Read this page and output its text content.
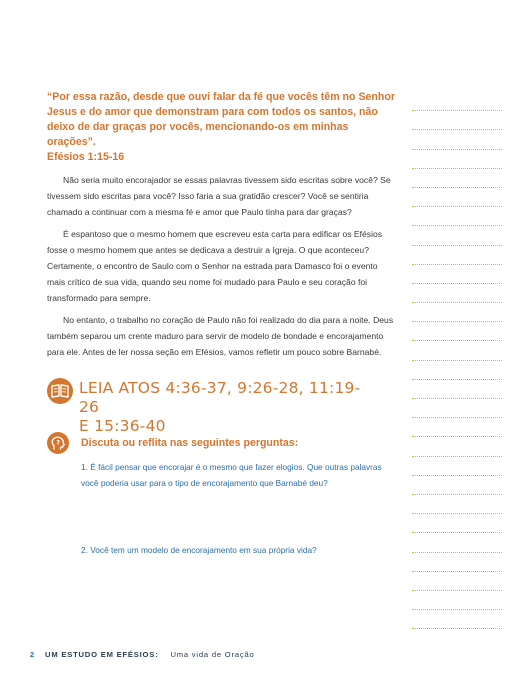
“Por essa razão, desde que ouvi falar da fé que vocês têm no Senhor Jesus e do amor que demonstram para com todos os santos, não deixo de dar graças por vocês, mencionando-os em minhas orações”.

Efésios 1:15-16

Não seria muito encorajador se essas palavras tivessem sido escritas sobre você? Se tivessem sido escritas para você? Isso faria a sua gratidão crescer? Você se sentiria chamado a continuar com a mesma fé e amor que Paulo tinha para dar graças?

É espantoso que o mesmo homem que escreveu esta carta para edificar os Efésios fosse o mesmo homem que antes se dedicava a destruir a Igreja. O que aconteceu? Certamente, o encontro de Saulo com o Senhor na estrada para Damasco foi o evento mais crítico de sua vida, quando seu nome foi mudado para Paulo e seu coração foi transformado para sempre.

No entanto, o trabalho no coração de Paulo não foi realizado do dia para a noite. Deus também separou um crente maduro para servir de modelo de bondade e encorajamento para ele. Antes de ler nossa seção em Efésios, vamos refletir um pouco sobre Barnabé.

LEIA ATOS 4:36-37, 9:26-28, 11:19-26
E 15:36-40

? Discuta ou reflita nas seguintes perguntas:

1. É fácil pensar que encorajar é o mesmo que fazer elogios. Que outras palavras você poderia usar para o tipo de encorajamento que Barnabé deu?

2. Você tem um modelo de encorajamento em sua própria vida?

2 UM ESTUDO EM EFÉSIOS: Uma vida de Oração
